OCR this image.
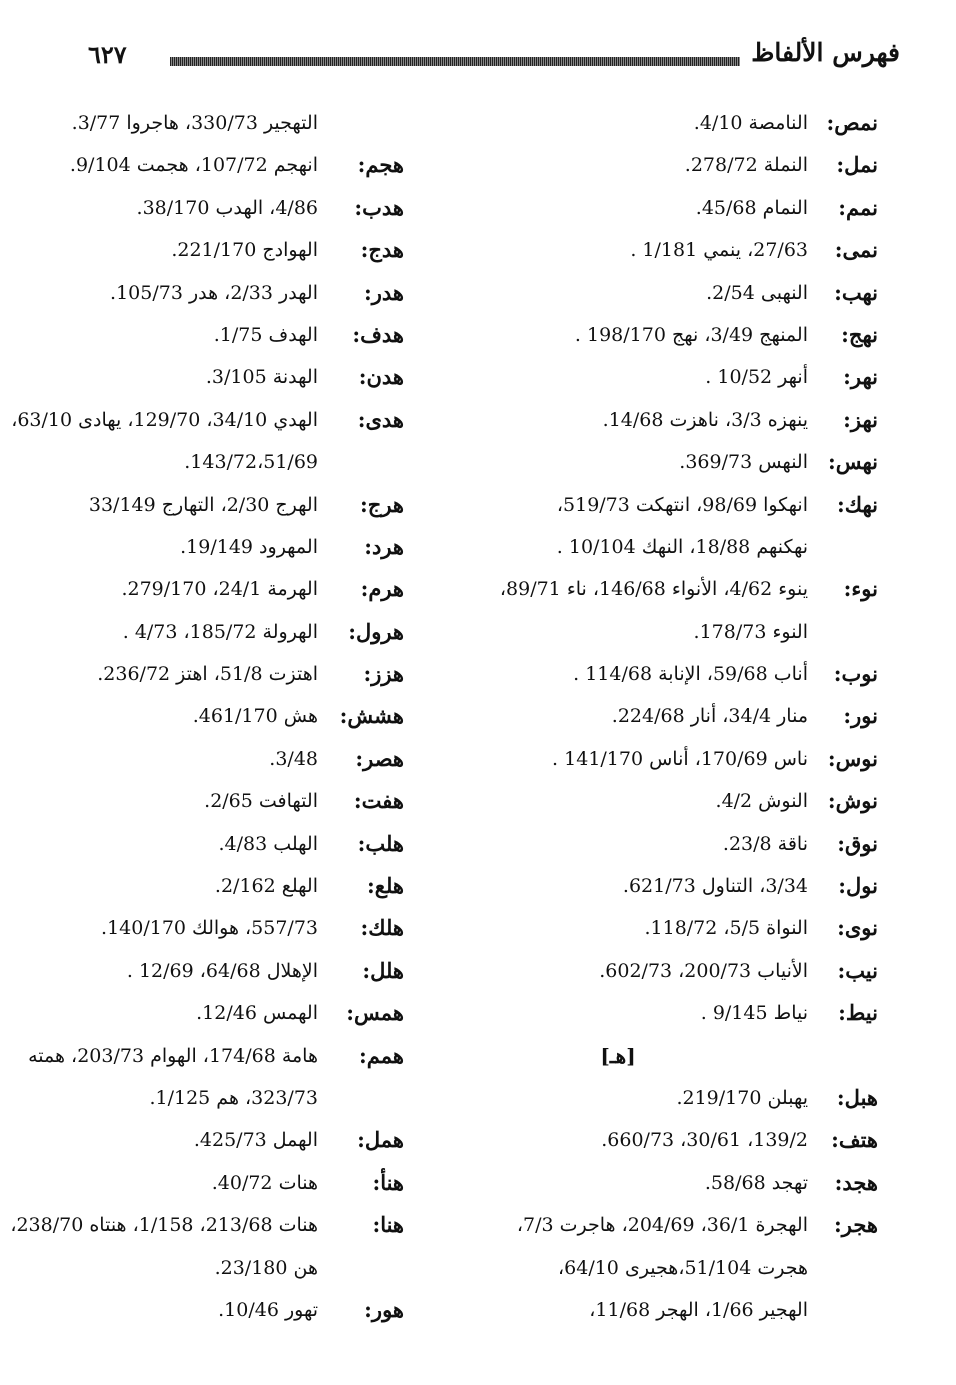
٦٢٧	فهرس الألفاظ
نمص:
النامصة 4/10.
نمل:
النملة 278/72.
نمم:
النمام 45/68.
نمى:
27/63، ينمي 1/181 .
نهب:
النهبى 2/54.
نهج:
المنهج 3/49، نهج 198/170 .
نهر:
أنهر 10/52 .
نهز:
ينهزه 3/3، ناهزت 14/68.
نهس:
النهس 369/73.
نهك:
انهكوا 98/69، انتهكت 519/73،
نهكنهم 18/88، النهك 10/104 .
نوء:
ينوء 4/62، الأنواء 146/68، ناء 89/71،
النوء 178/73.
نوب:
أناب 59/68، الإنابة 114/68 .
نور:
منار 34/4، أنار 224/68.
نوس:
ناس 170/69، أناس 141/170 .
نوش:
النوش 4/2.
نوق:
ناقة 23/8.
نول:
3/34، التناول 621/73.
نوى:
النواة 5/5، 118/72.
نيب:
الأنياب 200/73، 602/73.
نيط:
نياط 9/145 .
[هـ]
هبل:
يهبلن 219/170.
هتف:
139/2، 30/61، 660/73.
هجد:
تهجد 58/68.
هجر:
الهجرة 36/1، 204/69، هاجرت 7/3،
هجرت 51/104،هجيرى 64/10،
الهجير 1/66، الهجر 11/68،
التهجير 330/73، هاجروا 3/77.
هجم:
انهجم 107/72، هجمت 9/104.
هدب:
4/86، الهدب 38/170.
هدج:
الهوادج 221/170.
هدر:
الهدر 2/33، هدر 105/73.
هدف:
الهدف 1/75.
هدن:
الهدنة 3/105.
هدى:
الهدي 34/10، 129/70، يهادى 63/10،
143/72،51/69.
هرج:
الهرج 2/30، التهارج 33/149
هرد:
المهرود 19/149.
هرم:
الهرمة 24/1، 279/170.
هرول:
الهرولة 185/72، 4/73 .
هزز:
اهتزت 51/8، اهتز 236/72.
هشش:
هش 461/170.
هصر:
3/48.
هفت:
التهافت 2/65.
هلب:
الهلب 4/83.
هلع:
الهلع 2/162.
هلك:
557/73، هوالك 140/170.
هلل:
الإهلال 64/68، 12/69 .
همس:
الهمس 12/46.
همم:
هامة 174/68، الهوام 203/73، همته
323/73، هم 1/125.
همل:
الهمل 425/73.
هنأ:
هنات 40/72.
هنا:
هنات 213/68، 1/158، هنتاه 238/70،
هن 23/180.
هور:
تهور 10/46.
